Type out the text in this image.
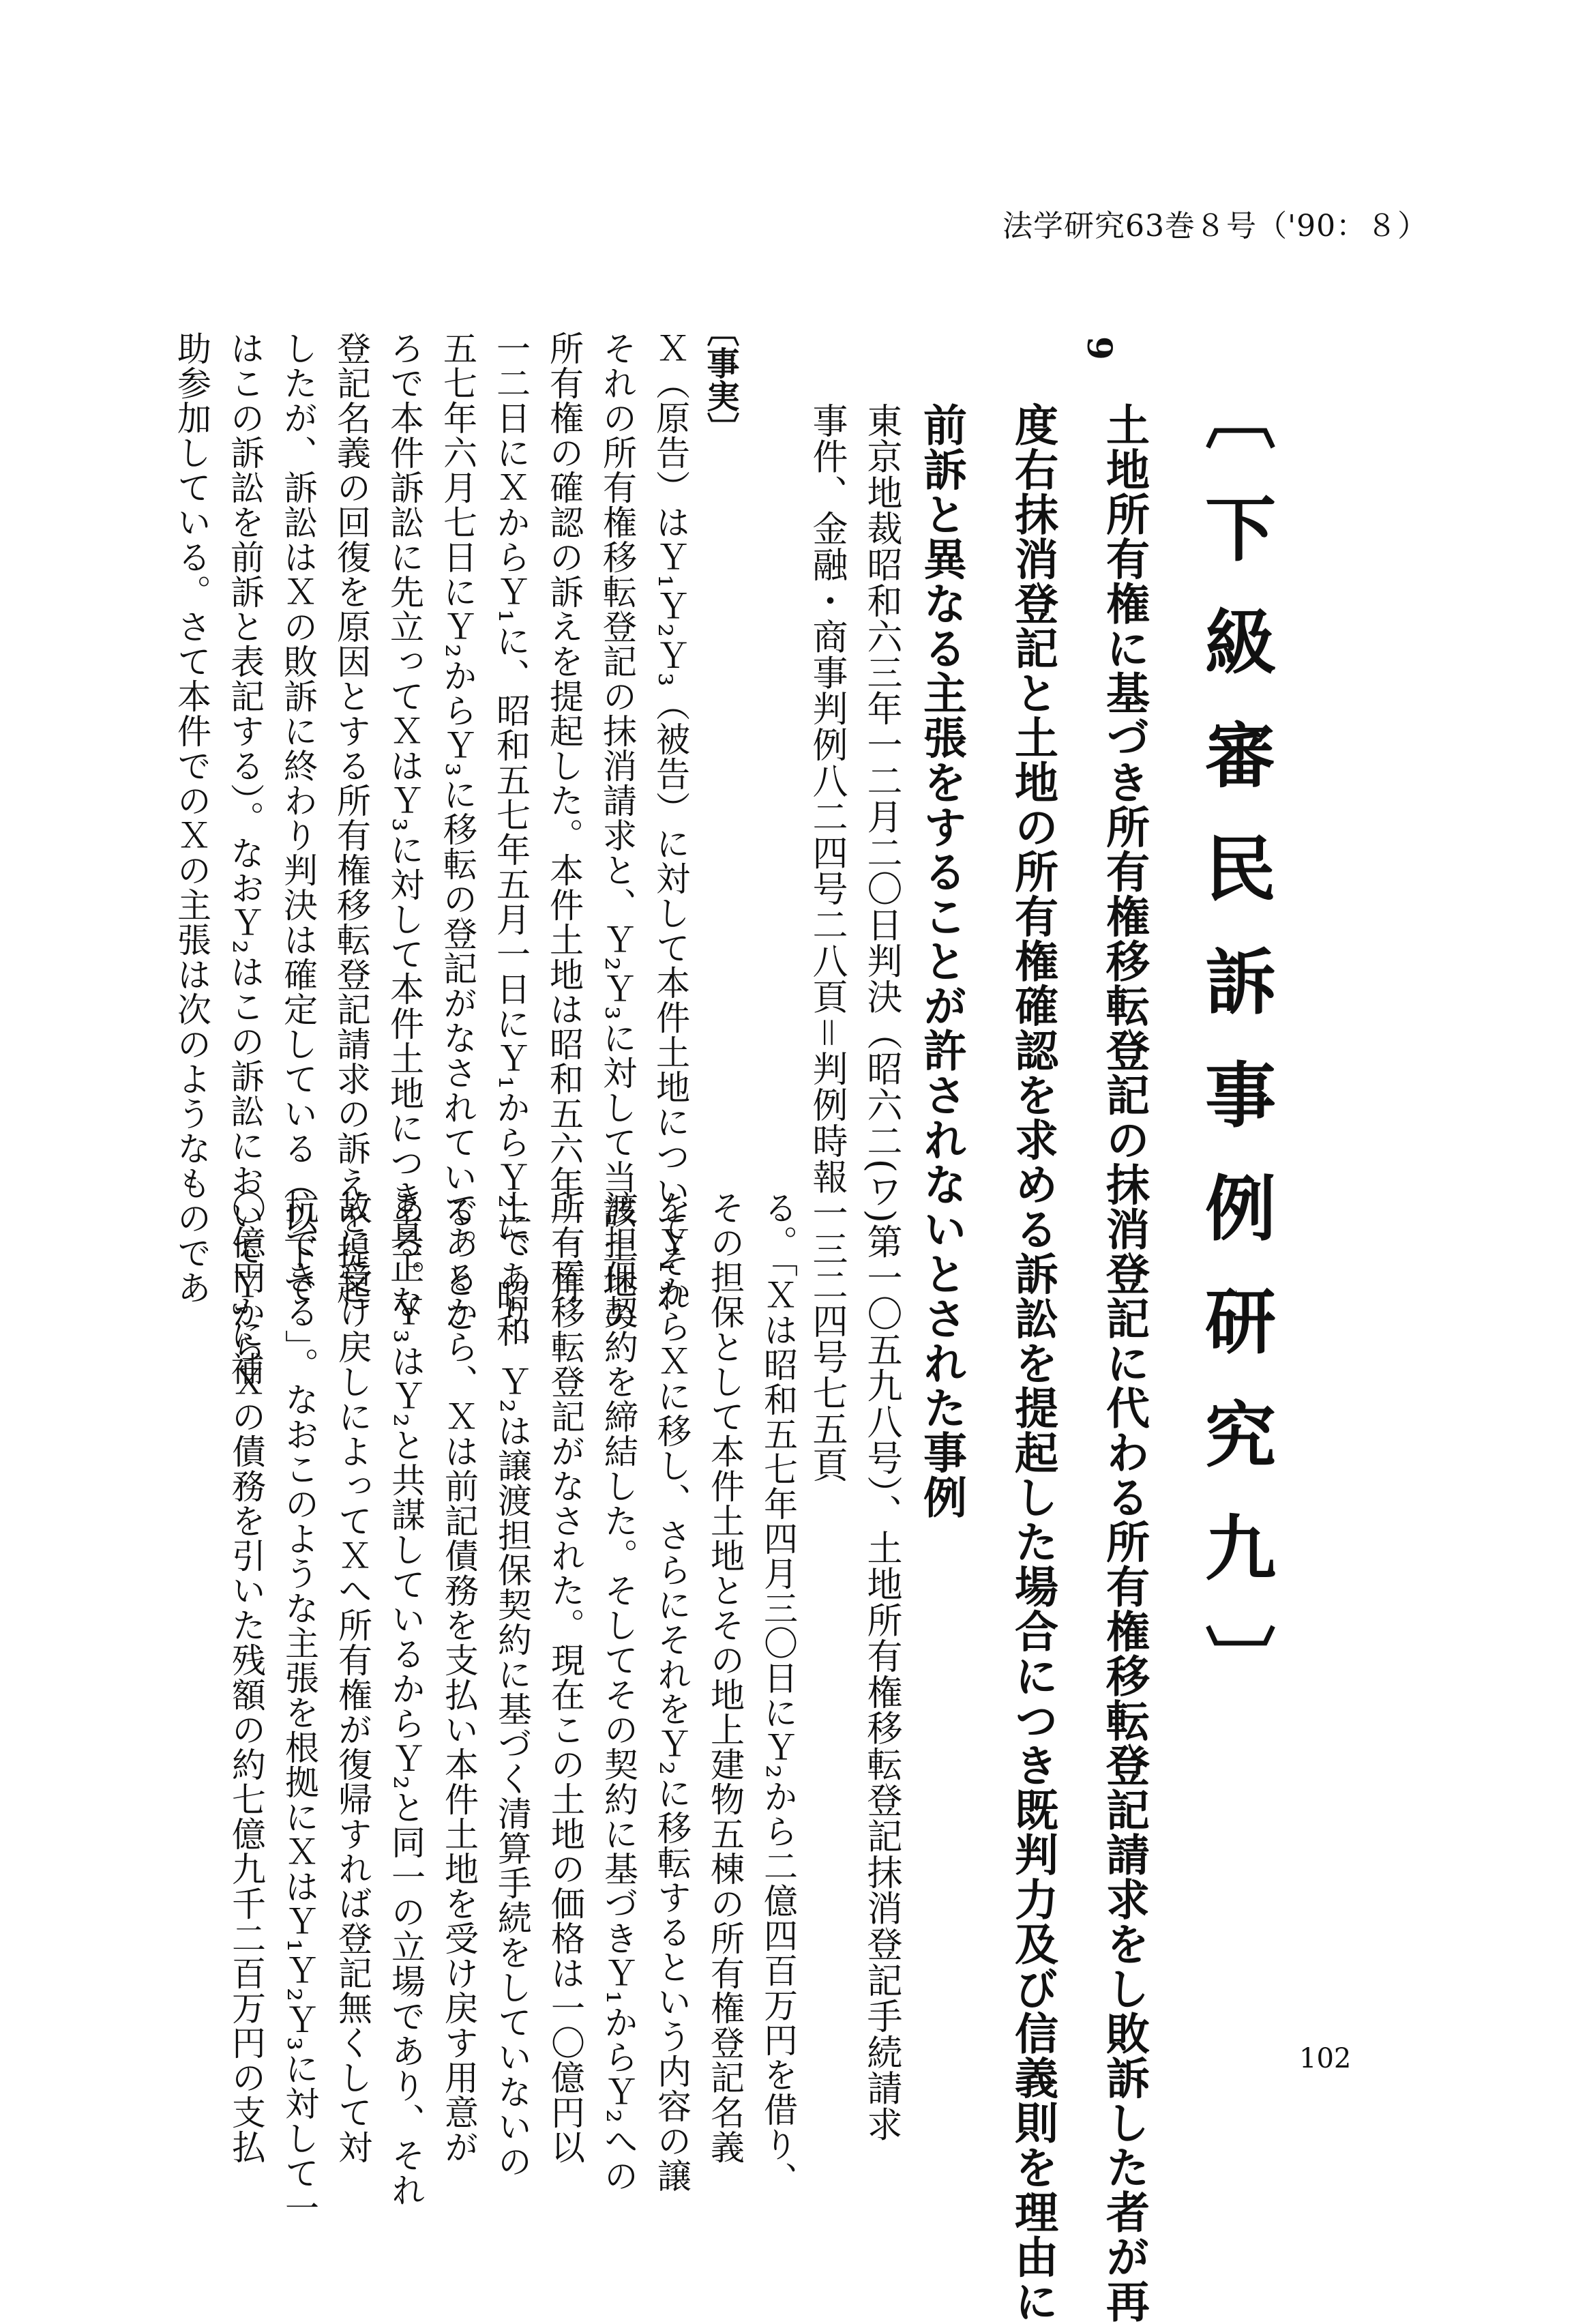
法学研究63巻８号（'90：８）
〔下級審民訴事例研究九〕
9
土地所有権に基づき所有権移転登記の抹消登記に代わる所有権移転登記請求をし敗訴した者が再
度右抹消登記と土地の所有権確認を求める訴訟を提起した場合につき既判力及び信義則を理由に
前訴と異なる主張をすることが許されないとされた事例
東京地裁昭和六三年一二月二〇日判決（昭六二(ワ)第一〇五九八号）、土地所有権移転登記抹消登記手続請求
事件、金融・商事判例八二四号二八頁＝判例時報一三二四号七五頁
〔事実〕
Ｘ（原告）はＹ₁Ｙ₂Ｙ₃（被告）に対して本件土地についてそれ
それの所有権移転登記の抹消請求と、Ｙ₂Ｙ₃に対して当該土地の
所有権の確認の訴えを提起した。本件土地は昭和五六年一二月
一二日にＸからＹ₁に、昭和五七年五月一日にＹ₁からＹ₂に、昭和
五七年六月七日にＹ₂からＹ₃に移転の登記がなされている。とこ
ろで本件訴訟に先立ってＸはＹ₃に対して本件土地につき真正な
登記名義の回復を原因とする所有権移転登記請求の訴えを提起
したが、訴訟はＸの敗訴に終わり判決は確定している（以下で
はこの訴訟を前訴と表記する）。なおＹ₂はこの訴訟においてＹ₃に補
助参加している。さて本件でのＸの主張は次のようなものであ
る。「Ｘは昭和五七年四月三〇日にＹ₂から二億四百万円を借り、
その担保として本件土地とその地上建物五棟の所有権登記名義
をＹ₁からＸに移し、さらにそれをＹ₂に移転するという内容の譲
渡担保契約を締結した。そしてその契約に基づきＹ₁からＹ₂への
所有権移転登記がなされた。現在この土地の価格は一〇億円以
上であり、Ｙ₂は譲渡担保契約に基づく清算手続をしていないの
であるから、Ｘは前記債務を支払い本件土地を受け戻す用意が
ある。Ｙ₃はＹ₂と共謀しているからＹ₂と同一の立場であり、それ
故に受け戻しによってＸへ所有権が復帰すれば登記無くして対
抗できる」。なおこのような主張を根拠にＸはＹ₁Ｙ₂Ｙ₃に対して一
〇億円からＸの債務を引いた残額の約七億九千二百万円の支払	102
